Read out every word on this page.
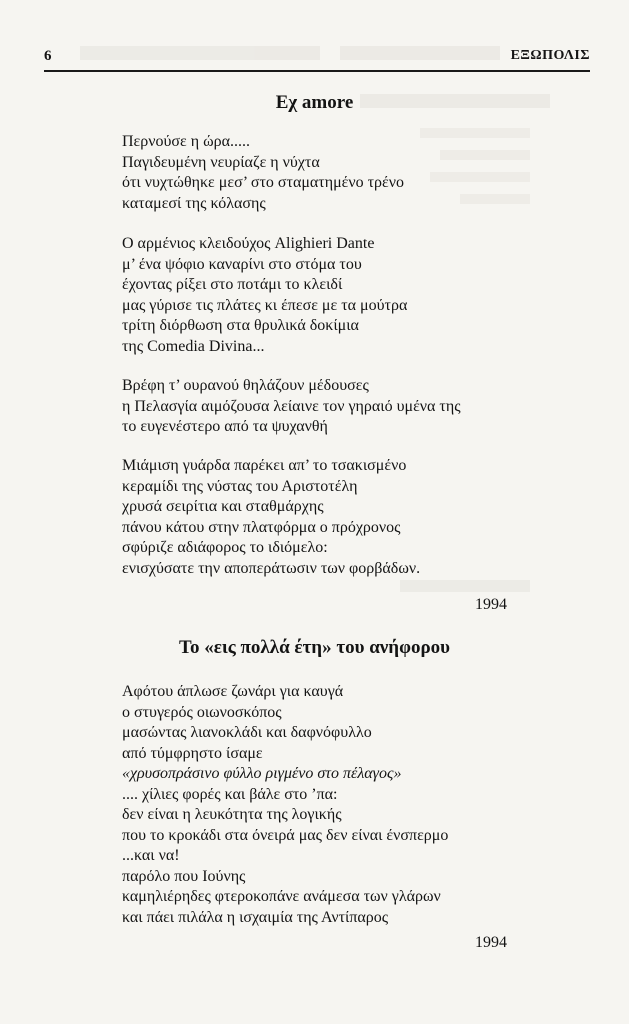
6	ΕΞΩΠΟΛΙΣ
Εχ amore
Περνούσε η ώρα.....
Παγιδευμένη νευρίαζε η νύχτα
ότι νυχτώθηκε μεσ’ στο σταματημένο τρένο
καταμεσί της κόλασης
Ο αρμένιος κλειδούχος Alighieri Dante
μ’ ένα ψόφιο καναρίνι στο στόμα του
έχοντας ρίξει στο ποτάμι το κλειδί
μας γύρισε τις πλάτες κι έπεσε με τα μούτρα
τρίτη διόρθωση στα θρυλικά δοκίμια
της Comedia Divina...
Βρέφη τ’ ουρανού θηλάζουν μέδουσες
η Πελασγία αιμόζουσα λείαινε τον γηραιό υμένα της
το ευγενέστερο από τα ψυχανθή
Μιάμιση γυάρδα παρέκει απ’ το τσακισμένο
κεραμίδι της νύστας του Αριστοτέλη
χρυσά σειρίτια και σταθμάρχης
πάνου κάτου στην πλατφόρμα ο πρόχρονος
σφύριζε αδιάφορος το ιδιόμελο:
ενισχύσατε την αποπεράτωσιν των φορβάδων.
1994
Το «εις πολλά έτη» του ανήφορου
Αφότου άπλωσε ζωνάρι για καυγά
ο στυγερός οιωνοσκόπος
μασώντας λιανοκλάδι και δαφνόφυλλο
από τύμφρηστο ίσαμε
«χρυσοπράσινο φύλλο ριγμένο στο πέλαγος»
.... χίλιες φορές και βάλε στο ’πα:
δεν είναι η λευκότητα της λογικής
που το κροκάδι στα όνειρά μας δεν είναι ένσπερμο
...και να!
παρόλο που Ιούνης
καμηλιέρηδες φτεροκοπάνε ανάμεσα των γλάρων
και πάει πιλάλα η ισχαιμία της Αντίπαρος
1994
